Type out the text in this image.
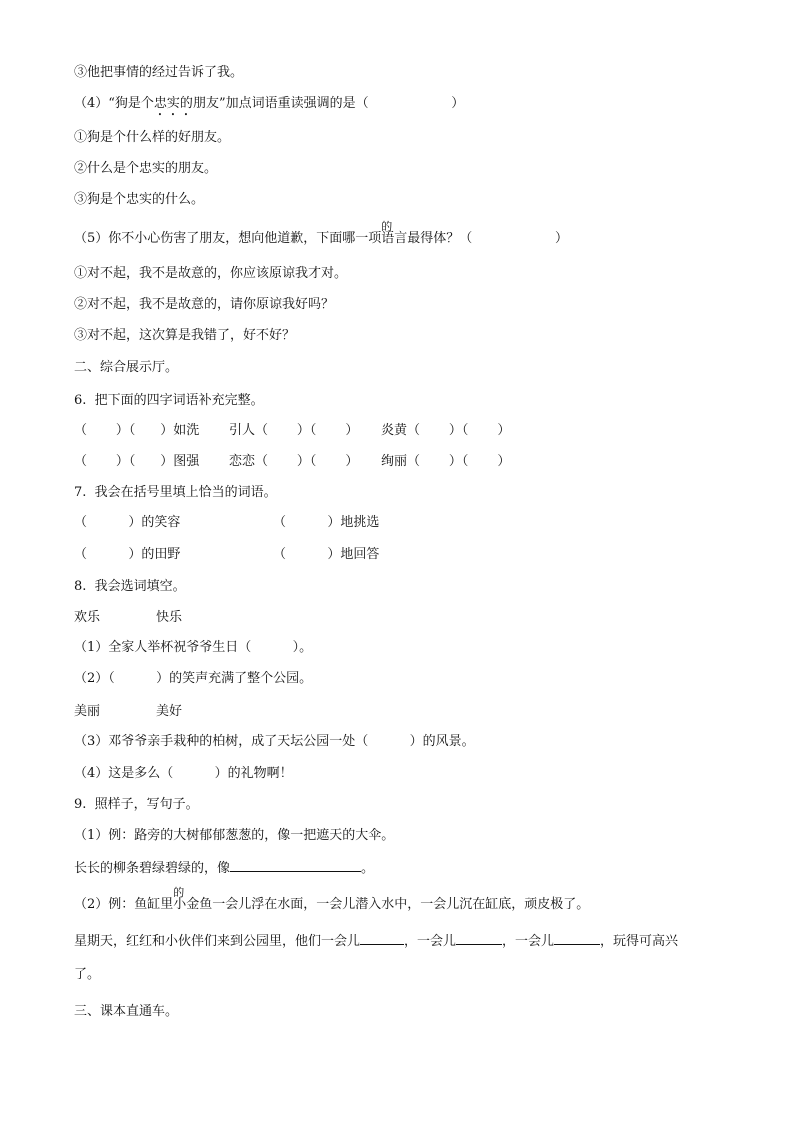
③他把事情的经过告诉了我。
（4）“狗是个忠实的朋友”加点词语重读强调的是（                    ）
①狗是个什么样的好朋友。
②什么是个忠实的朋友。
③狗是个忠实的什么。
（5）你不小心伤害了朋友，想向他道歉，下面哪一项
的
语言最得体？（                    ）
①对不起，我不是故意的，你应该原谅我才对。
②对不起，我不是故意的，请你原谅我好吗？
③对不起，这次算是我错了，好不好？
二、综合展示厅。
6.  把下面的四字词语补充完整。
（       ）（      ）如洗 引人（       ）（       ） 炎黄（       ）（       ）
（       ）（      ）图强 恋恋（       ）（       ） 绚丽（       ）（       ）
7.  我会在括号里填上恰当的词语。
（          ）的笑容	（          ）地挑选
（          ）的田野	（          ）地回答
8.  我会选词填空。
欢乐	快乐
（1）全家人举杯祝爷爷生日（          ）。
（2）（          ）的笑声充满了整个公园。
美丽	美好
（3）邓爷爷亲手栽种的柏树，成了天坛公园一处（          ）的风景。
（4）这是多么（          ）的礼物啊！
9.  照样子，写句子。
（1）例：路旁的大树郁郁葱葱的，像一把遮天的大伞。
长长的柳条碧绿碧绿的，像	。
（2）例：鱼缸里
的
小金鱼一会儿浮在水面，一会儿潜入水中，一会儿沉在缸底，顽皮极了。
星期天，红红和小伙伴们来到公园里，他们一会儿	，一会儿	，一会儿	，玩得可高兴
了。
三、课本直通车。
